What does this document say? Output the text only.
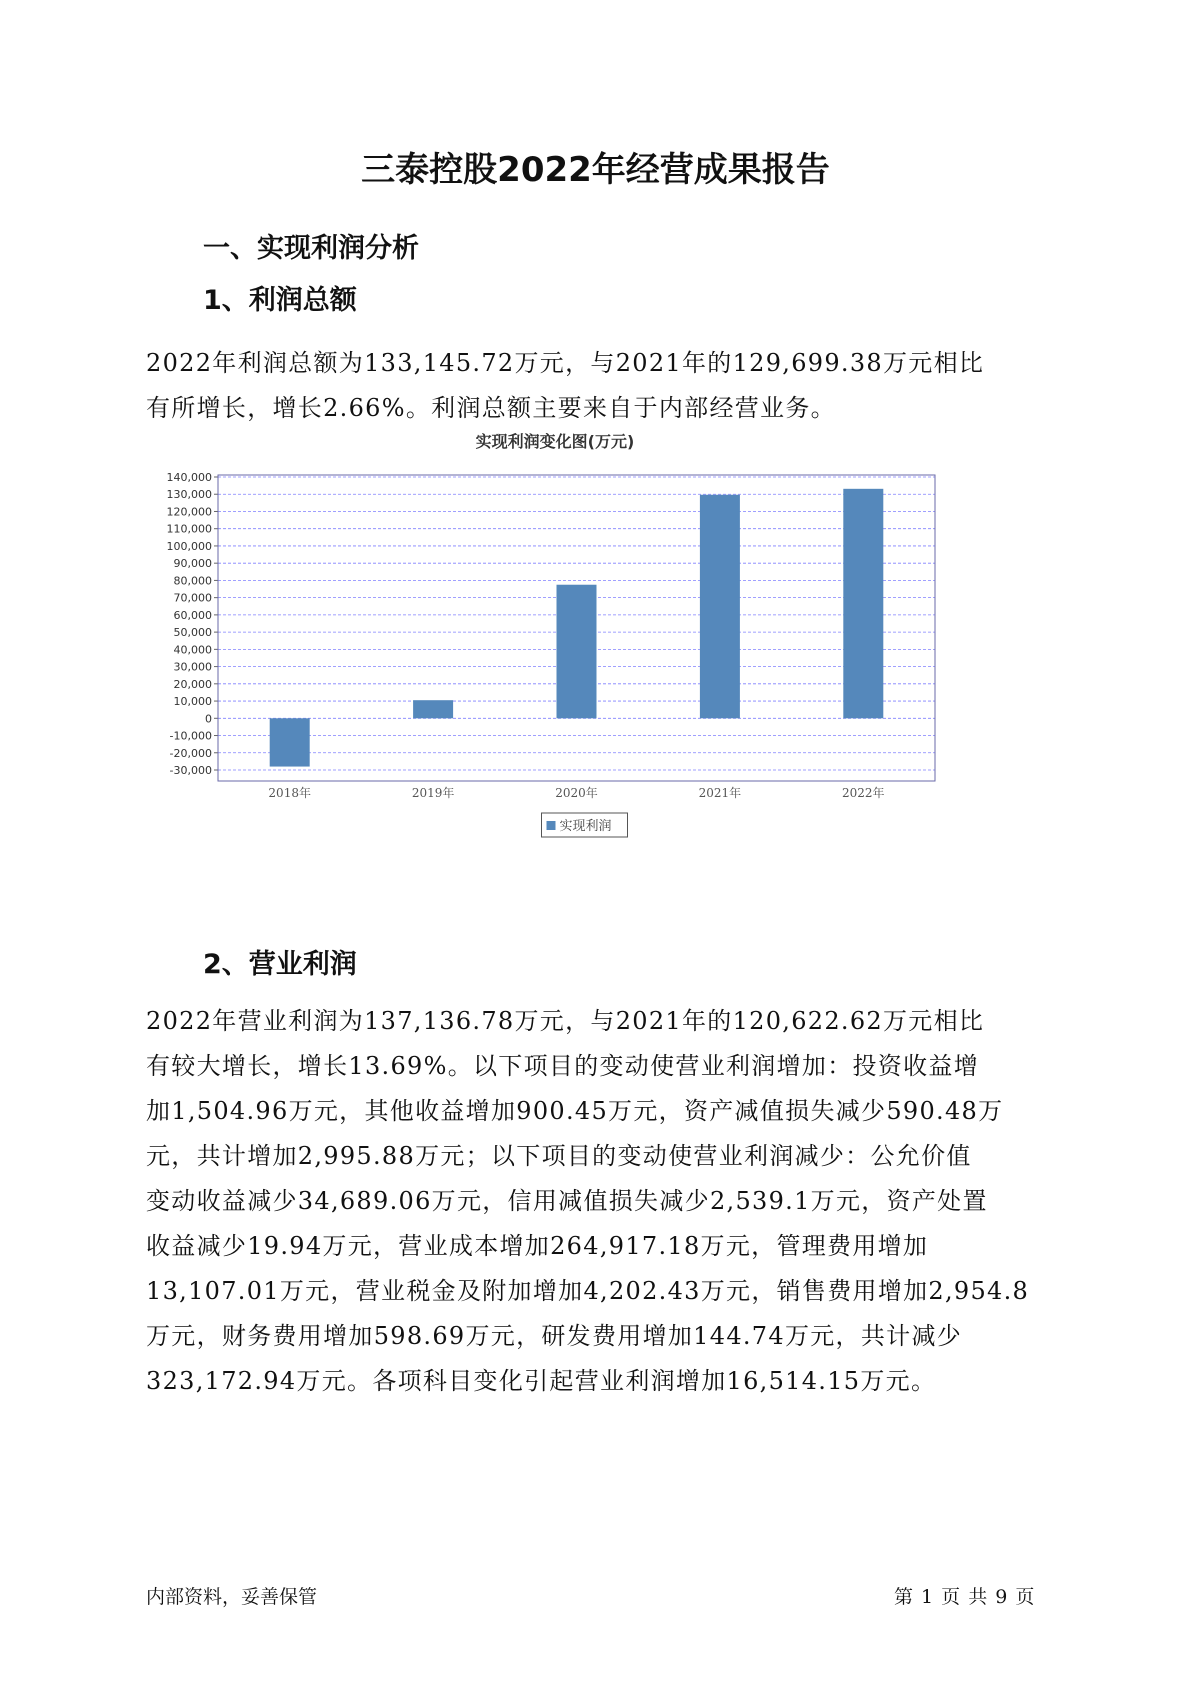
三泰控股2022年经营成果报告
一、实现利润分析
1、利润总额

2022年利润总额为133,145.72万元，与2021年的129,699.38万元相比
有所增长，增长2.66%。利润总额主要来自于内部经营业务。

实现利润变化图(万元)
-30,000
-20,000
-10,000
0
10,000
20,000
30,000
40,000
50,000
60,000
70,000
80,000
90,000
100,000
110,000
120,000
130,000
140,000
2018年	2019年	2020年	2021年	2022年
实现利润
2、营业利润

2022年营业利润为137,136.78万元，与2021年的120,622.62万元相比
有较大增长，增长13.69%。以下项目的变动使营业利润增加：投资收益增
加1,504.96万元，其他收益增加900.45万元，资产减值损失减少590.48万
元，共计增加2,995.88万元；以下项目的变动使营业利润减少：公允价值
变动收益减少34,689.06万元，信用减值损失减少2,539.1万元，资产处置
收益减少19.94万元，营业成本增加264,917.18万元，管理费用增加
13,107.01万元，营业税金及附加增加4,202.43万元，销售费用增加2,954.8
万元，财务费用增加598.69万元，研发费用增加144.74万元，共计减少
323,172.94万元。各项科目变化引起营业利润增加16,514.15万元。

内部资料，妥善保管	第 1 页 共 9 页
